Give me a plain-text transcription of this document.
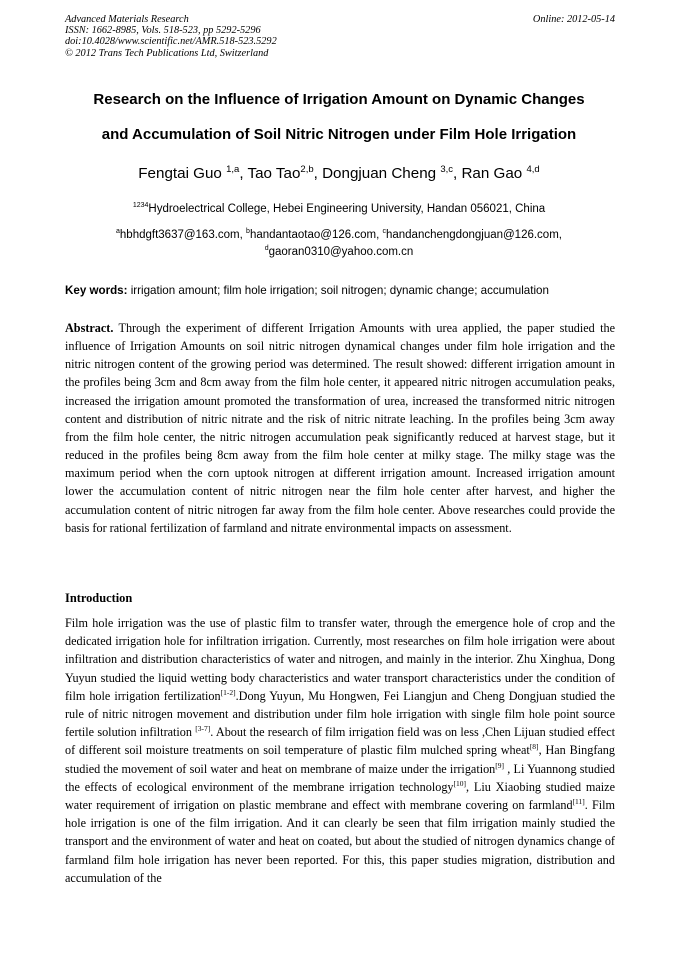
Advanced Materials Research
ISSN: 1662-8985, Vols. 518-523, pp 5292-5296
doi:10.4028/www.scientific.net/AMR.518-523.5292
© 2012 Trans Tech Publications Ltd, Switzerland
Online: 2012-05-14
Research on the Influence of Irrigation Amount on Dynamic Changes
and Accumulation of Soil Nitric Nitrogen under Film Hole Irrigation
Fengtai Guo $^{1,a}$, Tao Tao$^{2,b}$, Dongjuan Cheng $^{3,c}$, Ran Gao $^{4,d}$
$^{1234}$Hydroelectrical College, Hebei Engineering University, Handan 056021, China
$^a$hbhdgft3637@163.com, $^b$handantaotao@126.com, $^c$handanchengdongjuan@126.com,
$^d$gaoran0310@yahoo.com.cn
Key words: irrigation amount; film hole irrigation; soil nitrogen; dynamic change; accumulation
Abstract. Through the experiment of different Irrigation Amounts with urea applied, the paper studied the influence of Irrigation Amounts on soil nitric nitrogen dynamical changes under film hole irrigation and the nitric nitrogen content of the growing period was determined. The result showed: different irrigation amount in the profiles being 3cm and 8cm away from the film hole center, it appeared nitric nitrogen accumulation peaks, increased the irrigation amount promoted the transformation of urea, increased the transformed nitric nitrogen content and distribution of nitric nitrate and the risk of nitric nitrate leaching. In the profiles being 3cm away from the film hole center, the nitric nitrogen accumulation peak significantly reduced at harvest stage, but it reduced in the profiles being 8cm away from the film hole center at milky stage. The milky stage was the maximum period when the corn uptook nitrogen at different irrigation amount. Increased irrigation amount lower the accumulation content of nitric nitrogen near the film hole center after harvest, and higher the accumulation content of nitric nitrogen far away from the film hole center. Above researches could provide the basis for rational fertilization of farmland and nitrate environmental impacts on assessment.
Introduction
Film hole irrigation was the use of plastic film to transfer water, through the emergence hole of crop and the dedicated irrigation hole for infiltration irrigation. Currently, most researches on film hole irrigation were about infiltration and distribution characteristics of water and nitrogen, and mainly in the interior. Zhu Xinghua, Dong Yuyun studied the liquid wetting body characteristics and water transport characteristics under the condition of film hole irrigation fertilization[1-2].Dong Yuyun, Mu Hongwen, Fei Liangjun and Cheng Dongjuan studied the rule of nitric nitrogen movement and distribution under film hole irrigation with single film hole point source fertile solution infiltration [3-7]. About the research of film irrigation field was on less ,Chen Lijuan studied effect of different soil moisture treatments on soil temperature of plastic film mulched spring wheat[8], Han Bingfang studied the movement of soil water and heat on membrane of maize under the irrigation[9] , Li Yuannong studied the effects of ecological environment of the membrane irrigation technology[10], Liu Xiaobing studied maize water requirement of irrigation on plastic membrane and effect with membrane covering on farmland[11]. Film hole irrigation is one of the film irrigation. And it can clearly be seen that film irrigation mainly studied the transport and the environment of water and heat on coated, but about the studied of nitrogen dynamics change of farmland film hole irrigation has never been reported. For this, this paper studies migration, distribution and accumulation of the
